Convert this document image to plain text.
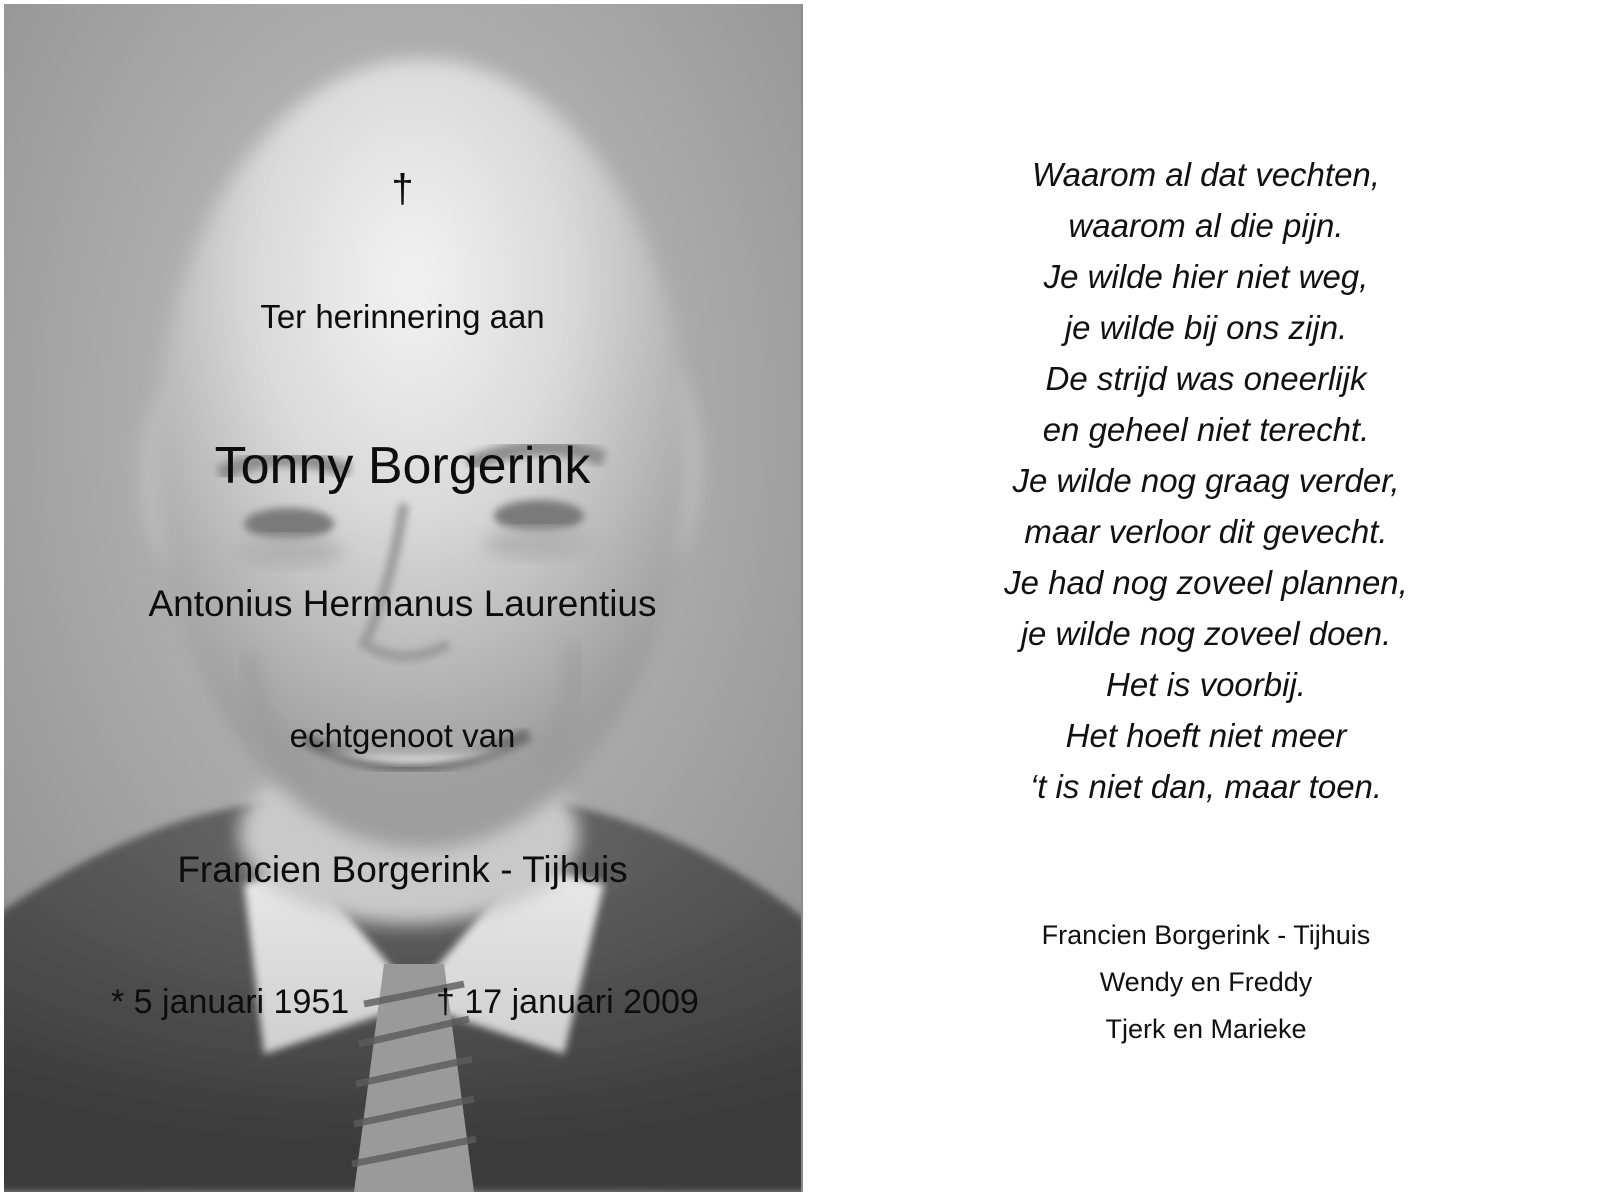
†
Ter herinnering aan
Tonny Borgerink
Antonius Hermanus Laurentius
echtgenoot van
Francien Borgerink - Tijhuis
* 5 januari 1951	† 17 januari 2009
Waarom al dat vechten,
waarom al die pijn.
Je wilde hier niet weg,
je wilde bij ons zijn.
De strijd was oneerlijk
en geheel niet terecht.
Je wilde nog graag verder,
maar verloor dit gevecht.
Je had nog zoveel plannen,
je wilde nog zoveel doen.
Het is voorbij.
Het hoeft niet meer
‘t is niet dan, maar toen.
Francien Borgerink - Tijhuis
Wendy en Freddy
Tjerk en Marieke
